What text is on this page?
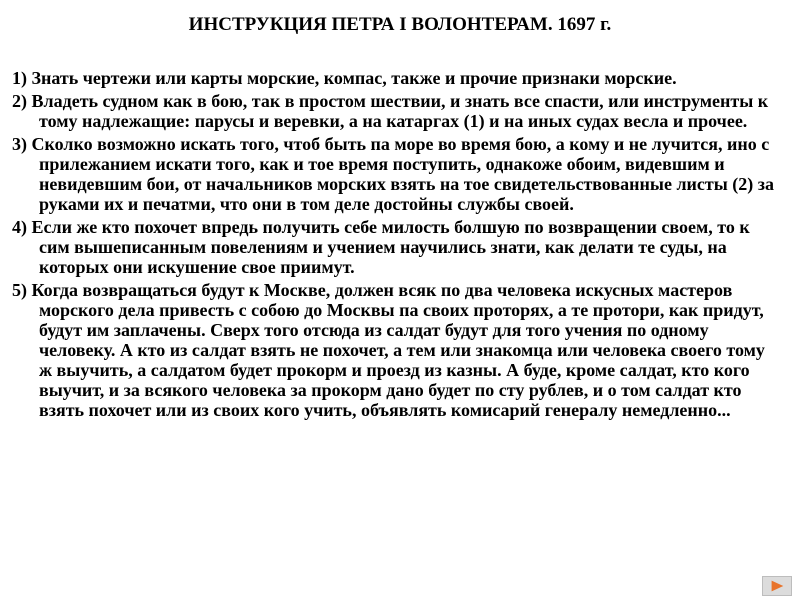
ИНСТРУКЦИЯ ПЕТРА I ВОЛОНТЕРАМ. 1697 г.
1) Знать чертежи или карты морские, компас, также и прочие признаки морские.
2) Владеть судном как в бою, так в простом шествии, и знать все спасти, или инструменты к тому надлежащие: парусы и веревки, а на катаргах (1) и на иных судах весла и прочее.
3) Сколко возможно искать того, чтоб быть па море во время бою, а кому и не лучится, ино с прилежанием искати того, как и тое время поступить, однакоже обоим, видевшим и невидевшим бои, от начальников морских взять на тое свидетельствованные листы (2) за руками их и печатми, что они в том деле достойны службы своей.
4) Если же кто похочет впредь получить себе милость болшую по возвращении своем, то к сим вышеписанным повелениям и учением научились знати, как делати те суды, на которых они искушение свое приимут.
5) Когда возвращаться будут к Москве, должен всяк по два человека искусных мастеров морского дела привесть с собою до Москвы па своих проторях, а те протори, как придут, будут им заплачены. Сверх того отсюда из салдат будут для того учения по одному человеку. А кто из салдат взять не похочет, а тем или знакомца или человека своего тому ж выучить, а салдатом будет прокорм и проезд из казны. А буде, кроме салдат, кто кого выучит, и за всякого человека за прокорм дано будет по сту рублев, и о том салдат кто взять похочет или из своих кого учить, объявлять комисарий генералу немедленно...
